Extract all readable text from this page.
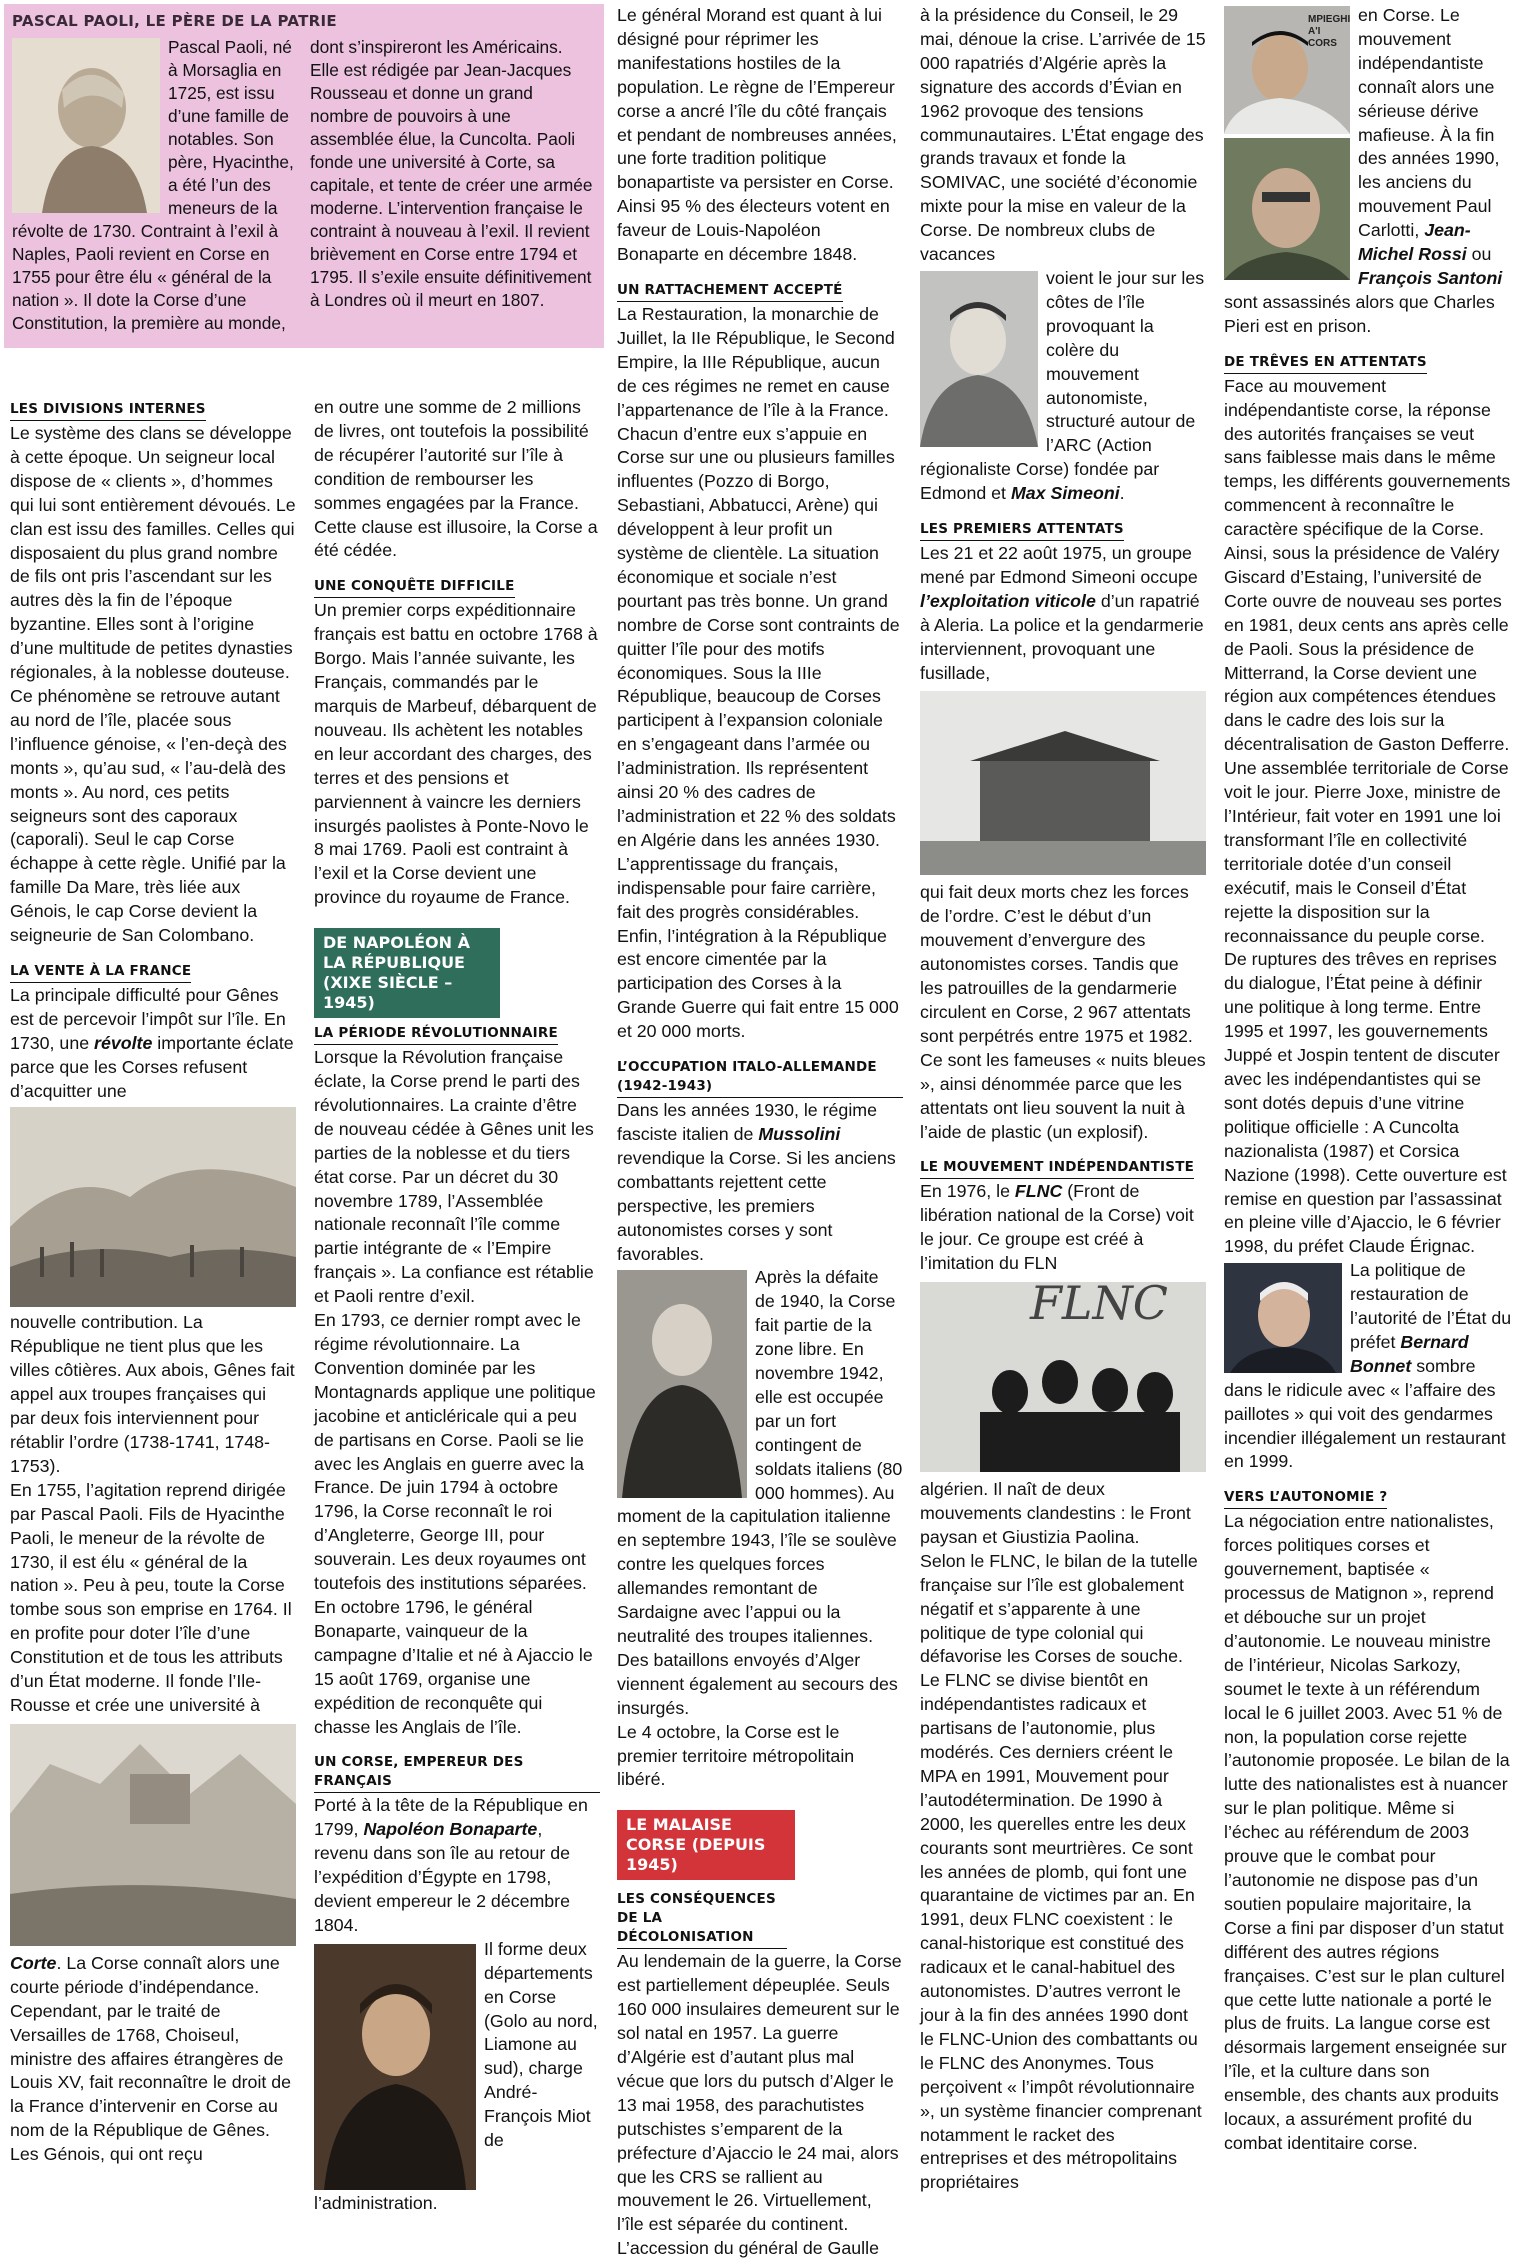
PASCAL PAOLI, LE PÈRE DE LA PATRIE
Pascal Paoli, né à Morsaglia en 1725, est issu d’une famille de notables. Son père, Hyacinthe, a été l’un des meneurs de la révolte de 1730. Contraint à l’exil à Naples, Paoli revient en Corse en 1755 pour être élu « général de la nation ». Il dote la Corse d’une Constitution, la première au monde, dont s’inspireront les Américains. Elle est rédigée par Jean-Jacques Rousseau et donne un grand nombre de pouvoirs à une assemblée élue, la Cuncolta. Paoli fonde une université à Corte, sa capitale, et tente de créer une armée moderne. L’intervention française le contraint à nouveau à l’exil. Il revient brièvement en Corse entre 1794 et 1795. Il s’exile ensuite définitivement à Londres où il meurt en 1807.
LES DIVISIONS INTERNES

Le système des clans se développe à cette époque. Un seigneur local dispose de « clients », d’hommes qui lui sont entièrement dévoués. Le clan est issu des familles. Celles qui disposaient du plus grand nombre de fils ont pris l’ascendant sur les autres dès la fin de l’époque byzantine. Elles sont à l’origine d’une multitude de petites dynasties régionales, à la noblesse douteuse. Ce phénomène se retrouve autant au nord de l’île, placée sous l’influence génoise, « l’en-deçà des monts », qu’au sud, « l’au-delà des monts ». Au nord, ces petits seigneurs sont des caporaux (caporali). Seul le cap Corse échappe à cette règle. Unifié par la famille Da Mare, très liée aux Génois, le cap Corse devient la seigneurie de San Colombano.

LA VENTE À LA FRANCE

La principale difficulté pour Gênes est de percevoir l’impôt sur l’île. En 1730, une révolte importante éclate parce que les Corses refusent d’acquitter une

nouvelle contribution. La République ne tient plus que les villes côtières. Aux abois, Gênes fait appel aux troupes françaises qui par deux fois interviennent pour rétablir l’ordre (1738-1741, 1748-1753).

En 1755, l’agitation reprend dirigée par Pascal Paoli. Fils de Hyacinthe Paoli, le meneur de la révolte de 1730, il est élu « général de la nation ». Peu à peu, toute la Corse tombe sous son emprise en 1764. Il en profite pour doter l’île d’une Constitution et de tous les attributs d’un État moderne. Il fonde l’Ile-Rousse et crée une université à

Corte. La Corse connaît alors une courte période d’indépendance. Cependant, par le traité de Versailles de 1768, Choiseul, ministre des affaires étrangères de Louis XV, fait reconnaître le droit de la France d’intervenir en Corse au nom de la République de Gênes. Les Génois, qui ont reçu

en outre une somme de 2 millions de livres, ont toutefois la possibilité de récupérer l’autorité sur l’île à condition de rembourser les sommes engagées par la France. Cette clause est illusoire, la Corse a été cédée.

UNE CONQUÊTE DIFFICILE

Un premier corps expéditionnaire français est battu en octobre 1768 à Borgo. Mais l’année suivante, les Français, commandés par le marquis de Marbeuf, débarquent de nouveau. Ils achètent les notables en leur accordant des charges, des terres et des pensions et parviennent à vaincre les derniers insurgés paolistes à Ponte-Novo le 8 mai 1769. Paoli est contraint à l’exil et la Corse devient une province du royaume de France.

DE NAPOLÉON À LA RÉPUBLIQUE (XIXE SIÈCLE – 1945) LA PÉRIODE RÉVOLUTIONNAIRE

Lorsque la Révolution française éclate, la Corse prend le parti des révolutionnaires. La crainte d’être de nouveau cédée à Gênes unit les parties de la noblesse et du tiers état corse. Par un décret du 30 novembre 1789, l’Assemblée nationale reconnaît l’île comme partie intégrante de « l’Empire français ». La confiance est rétablie et Paoli rentre d’exil.

En 1793, ce dernier rompt avec le régime révolutionnaire. La Convention dominée par les Montagnards applique une politique jacobine et anticléricale qui a peu de partisans en Corse. Paoli se lie avec les Anglais en guerre avec la France. De juin 1794 à octobre 1796, la Corse reconnaît le roi d’Angleterre, George III, pour souverain. Les deux royaumes ont toutefois des institutions séparées.

En octobre 1796, le général Bonaparte, vainqueur de la campagne d’Italie et né à Ajaccio le 15 août 1769, organise une expédition de reconquête qui chasse les Anglais de l’île.

UN CORSE, EMPEREUR DES FRANÇAIS

Porté à la tête de la République en 1799, Napoléon Bonaparte, revenu dans son île au retour de l’expédition d’Égypte en 1798, devient empereur le 2 décembre 1804.

Il forme deux départements en Corse (Golo au nord, Liamone au sud), charge André-François Miot de l’administration.

Le général Morand est quant à lui désigné pour réprimer les manifestations hostiles de la population. Le règne de l’Empereur corse a ancré l’île du côté français et pendant de nombreuses années, une forte tradition politique bonapartiste va persister en Corse. Ainsi 95 % des électeurs votent en faveur de Louis-Napoléon Bonaparte en décembre 1848.

UN RATTACHEMENT ACCEPTÉ

La Restauration, la monarchie de Juillet, la IIe République, le Second Empire, la IIIe République, aucun de ces régimes ne remet en cause l’appartenance de l’île à la France. Chacun d’entre eux s’appuie en Corse sur une ou plusieurs familles influentes (Pozzo di Borgo, Sebastiani, Abbatucci, Arène) qui développent à leur profit un système de clientèle. La situation économique et sociale n’est pourtant pas très bonne. Un grand nombre de Corse sont contraints de quitter l’île pour des motifs économiques. Sous la IIIe République, beaucoup de Corses participent à l’expansion coloniale en s’engageant dans l’armée ou l’administration. Ils représentent ainsi 20 % des cadres de l’administration et 22 % des soldats en Algérie dans les années 1930. L’apprentissage du français, indispensable pour faire carrière, fait des progrès considérables. Enfin, l’intégration à la République est encore cimentée par la participation des Corses à la Grande Guerre qui fait entre 15 000 et 20 000 morts.

L’OCCUPATION ITALO-ALLEMANDE (1942-1943)

Dans les années 1930, le régime fasciste italien de Mussolini revendique la Corse. Si les anciens combattants rejettent cette perspective, les premiers autonomistes corses y sont favorables.

Après la défaite de 1940, la Corse fait partie de la zone libre. En novembre 1942, elle est occupée par un fort contingent de soldats italiens (80 000 hommes). Au moment de la capitulation italienne en septembre 1943, l’île se soulève contre les quelques forces allemandes remontant de Sardaigne avec l’appui ou la neutralité des troupes italiennes. Des bataillons envoyés d’Alger viennent également au secours des insurgés.

Le 4 octobre, la Corse est le premier territoire métropolitain libéré.

LE MALAISE CORSE (DEPUIS 1945) LES CONSÉQUENCES DE LA DÉCOLONISATION

Au lendemain de la guerre, la Corse est partiellement dépeuplée. Seuls 160 000 insulaires demeurent sur le sol natal en 1957. La guerre d’Algérie est d’autant plus mal vécue que lors du putsch d’Alger le 13 mai 1958, des parachutistes putschistes s’emparent de la préfecture d’Ajaccio le 24 mai, alors que les CRS se rallient au mouvement le 26. Virtuellement, l’île est séparée du continent. L’accession du général de Gaulle

à la présidence du Conseil, le 29 mai, dénoue la crise. L’arrivée de 15 000 rapatriés d’Algérie après la signature des accords d’Évian en 1962 provoque des tensions communautaires. L’État engage des grands travaux et fonde la SOMIVAC, une société d’économie mixte pour la mise en valeur de la Corse. De nombreux clubs de vacances

voient le jour sur les côtes de l’île provoquant la colère du mouvement autonomiste, structuré autour de l’ARC (Action régionaliste Corse) fondée par Edmond et Max Simeoni.

LES PREMIERS ATTENTATS

Les 21 et 22 août 1975, un groupe mené par Edmond Simeoni occupe l’exploitation viticole d’un rapatrié à Aleria. La police et la gendarmerie interviennent, provoquant une fusillade,

qui fait deux morts chez les forces de l’ordre. C’est le début d’un mouvement d’envergure des autonomistes corses. Tandis que les patrouilles de la gendarmerie circulent en Corse, 2 967 attentats sont perpétrés entre 1975 et 1982. Ce sont les fameuses « nuits bleues », ainsi dénommée parce que les attentats ont lieu souvent la nuit à l’aide de plastic (un explosif).

LE MOUVEMENT INDÉPENDANTISTE

En 1976, le FLNC (Front de libération national de la Corse) voit le jour. Ce groupe est créé à l’imitation du FLN

FLNC

algérien. Il naît de deux mouvements clandestins : le Front paysan et Giustizia Paolina.

Selon le FLNC, le bilan de la tutelle française sur l’île est globalement négatif et s’apparente à une politique de type colonial qui défavorise les Corses de souche.

Le FLNC se divise bientôt en indépendantistes radicaux et partisans de l’autonomie, plus modérés. Ces derniers créent le MPA en 1991, Mouvement pour l’autodétermination. De 1990 à 2000, les querelles entre les deux courants sont meurtrières. Ce sont les années de plomb, qui font une quarantaine de victimes par an. En 1991, deux FLNC coexistent : le canal-historique est constitué des radicaux et le canal-habituel des autonomistes. D’autres verront le jour à la fin des années 1990 dont le FLNC-Union des combattants ou le FLNC des Anonymes. Tous perçoivent « l’impôt révolutionnaire », un système financier comprenant notamment le racket des entreprises et des métropolitains propriétaires

MPIEGHI A'I CORS

en Corse. Le mouvement indépendantiste connaît alors une sérieuse dérive mafieuse. À la fin des années 1990, les anciens du mouvement Paul Carlotti, Jean-Michel Rossi ou François Santoni sont assassinés alors que Charles Pieri est en prison.

DE TRÊVES EN ATTENTATS

Face au mouvement indépendantiste corse, la réponse des autorités françaises se veut sans faiblesse mais dans le même temps, les différents gouvernements commencent à reconnaître le caractère spécifique de la Corse. Ainsi, sous la présidence de Valéry Giscard d’Estaing, l’université de Corte ouvre de nouveau ses portes en 1981, deux cents ans après celle de Paoli. Sous la présidence de Mitterrand, la Corse devient une région aux compétences étendues dans le cadre des lois sur la décentralisation de Gaston Defferre. Une assemblée territoriale de Corse voit le jour. Pierre Joxe, ministre de l’Intérieur, fait voter en 1991 une loi transformant l’île en collectivité territoriale dotée d’un conseil exécutif, mais le Conseil d’État rejette la disposition sur la reconnaissance du peuple corse.

De ruptures des trêves en reprises du dialogue, l’État peine à définir une politique à long terme. Entre 1995 et 1997, les gouvernements Juppé et Jospin tentent de discuter avec les indépendantistes qui se sont dotés depuis d’une vitrine politique officielle : A Cuncolta nazionalista (1987) et Corsica Nazione (1998). Cette ouverture est remise en question par l’assassinat en pleine ville d’Ajaccio, le 6 février 1998, du préfet Claude Érignac.

La politique de restauration de l’autorité de l’État du préfet Bernard Bonnet sombre dans le ridicule avec « l’affaire des paillotes » qui voit des gendarmes incendier illégalement un restaurant en 1999.

VERS L’AUTONOMIE ?

La négociation entre nationalistes, forces politiques corses et gouvernement, baptisée « processus de Matignon », reprend et débouche sur un projet d’autonomie. Le nouveau ministre de l’intérieur, Nicolas Sarkozy, soumet le texte à un référendum local le 6 juillet 2003. Avec 51 % de non, la population corse rejette l’autonomie proposée. Le bilan de la lutte des nationalistes est à nuancer sur le plan politique. Même si l’échec au référendum de 2003 prouve que le combat pour l’autonomie ne dispose pas d’un soutien populaire majoritaire, la Corse a fini par disposer d’un statut différent des autres régions françaises. C’est sur le plan culturel que cette lutte nationale a porté le plus de fruits. La langue corse est désormais largement enseignée sur l’île, et la culture dans son ensemble, des chants aux produits locaux, a assurément profité du combat identitaire corse.
